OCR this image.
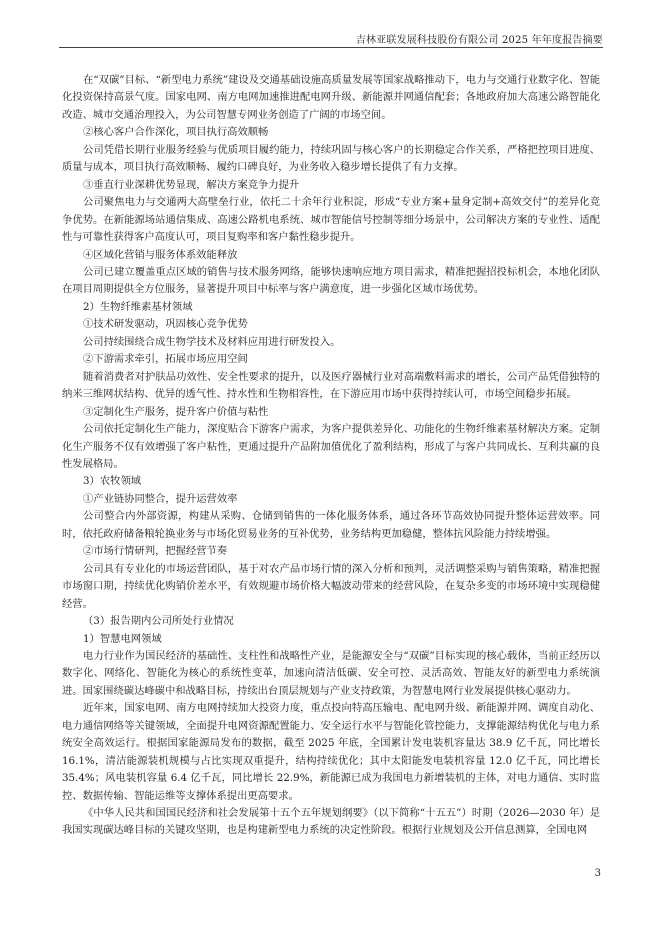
吉林亚联发展科技股份有限公司 2025 年年度报告摘要

在“双碳”目标、“新型电力系统”建设及交通基础设施高质量发展等国家战略推动下，电力与交通行业数字化、智能化投资保持高景气度。国家电网、南方电网加速推进配电网升级、新能源并网通信配套；各地政府加大高速公路智能化改造、城市交通治理投入，为公司智慧专网业务创造了广阔的市场空间。

②核心客户合作深化，项目执行高效顺畅

公司凭借长期行业服务经验与优质项目履约能力，持续巩固与核心客户的长期稳定合作关系，严格把控项目进度、质量与成本，项目执行高效顺畅、履约口碑良好，为业务收入稳步增长提供了有力支撑。

③垂直行业深耕优势显现，解决方案竞争力提升

公司聚焦电力与交通两大高壁垒行业，依托二十余年行业积淀，形成“专业方案+量身定制+高效交付”的差异化竞争优势。在新能源场站通信集成、高速公路机电系统、城市智能信号控制等细分场景中，公司解决方案的专业性、适配性与可靠性获得客户高度认可，项目复购率和客户黏性稳步提升。

④区域化营销与服务体系效能释放

公司已建立覆盖重点区域的销售与技术服务网络，能够快速响应地方项目需求，精准把握招投标机会，本地化团队在项目周期提供全方位服务，显著提升项目中标率与客户满意度，进一步强化区域市场优势。

2）生物纤维素基材领域

①技术研发驱动，巩固核心竞争优势

公司持续围绕合成生物学技术及材料应用进行研发投入。

②下游需求牵引，拓展市场应用空间

随着消费者对护肤品功效性、安全性要求的提升，以及医疗器械行业对高端敷料需求的增长，公司产品凭借独特的纳米三维网状结构、优异的透气性、持水性和生物相容性，在下游应用市场中获得持续认可，市场空间稳步拓展。

③定制化生产服务，提升客户价值与粘性

公司依托定制化生产能力，深度贴合下游客户需求，为客户提供差异化、功能化的生物纤维素基材解决方案。定制化生产服务不仅有效增强了客户粘性，更通过提升产品附加值优化了盈利结构，形成了与客户共同成长、互利共赢的良性发展格局。

3）农牧领域

①产业链协同整合，提升运营效率

公司整合内外部资源，构建从采购、仓储到销售的一体化服务体系，通过各环节高效协同提升整体运营效率。同时，依托政府储备粮轮换业务与市场化贸易业务的互补优势，业务结构更加稳健，整体抗风险能力持续增强。

②市场行情研判，把握经营节奏

公司具有专业化的市场运营团队，基于对农产品市场行情的深入分析和预判，灵活调整采购与销售策略，精准把握市场窗口期，持续优化购销价差水平，有效规避市场价格大幅波动带来的经营风险，在复杂多变的市场环境中实现稳健经营。

（3）报告期内公司所处行业情况

1）智慧电网领域

电力行业作为国民经济的基础性、支柱性和战略性产业，是能源安全与“双碳”目标实现的核心载体，当前正经历以数字化、网络化、智能化为核心的系统性变革，加速向清洁低碳、安全可控、灵活高效、智能友好的新型电力系统演进。国家围绕碳达峰碳中和战略目标，持续出台顶层规划与产业支持政策，为智慧电网行业发展提供核心驱动力。

近年来，国家电网、南方电网持续加大投资力度，重点投向特高压输电、配电网升级、新能源并网、调度自动化、电力通信网络等关键领域，全面提升电网资源配置能力、安全运行水平与智能化管控能力，支撑能源结构优化与电力系统安全高效运行。根据国家能源局发布的数据，截至 2025 年底，全国累计发电装机容量达 38.9 亿千瓦，同比增长 16.1%，清洁能源装机规模与占比实现双重提升，结构持续优化；其中太阳能发电装机容量 12.0 亿千瓦，同比增长 35.4%；风电装机容量 6.4 亿千瓦，同比增长 22.9%，新能源已成为我国电力新增装机的主体，对电力通信、实时监控、数据传输、智能运维等支撑体系提出更高要求。

《中华人民共和国国民经济和社会发展第十五个五年规划纲要》（以下简称“十五五”）时期（2026—2030 年）是我国实现碳达峰目标的关键攻坚期，也是构建新型电力系统的决定性阶段。根据行业规划及公开信息测算，全国电网

3
